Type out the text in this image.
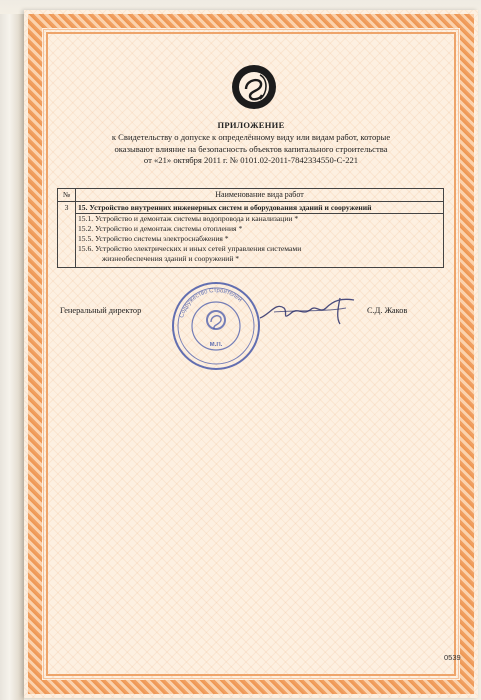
ПРИЛОЖЕНИЕ
к Свидетельству о допуске к определённому виду или видам работ, которые
оказывают влияние на безопасность объектов капитального строительства
от «21» октября 2011 г. № 0101.02-2011-7842334550-С-221
№	Наименование вида работ
3	15. Устройство внутренних инженерных систем и оборудования зданий и сооружений
15.1. Устройство и демонтаж системы водопровода и канализации *
15.2. Устройство и демонтаж системы отопления *
15.5. Устройство системы электроснабжения *
15.6. Устройство электрических и иных сетей управления системами
жизнеобеспечения зданий и сооружений *
Генеральный директор	С.Д. Жаков
М.П.
Содружество Строителей
0539
